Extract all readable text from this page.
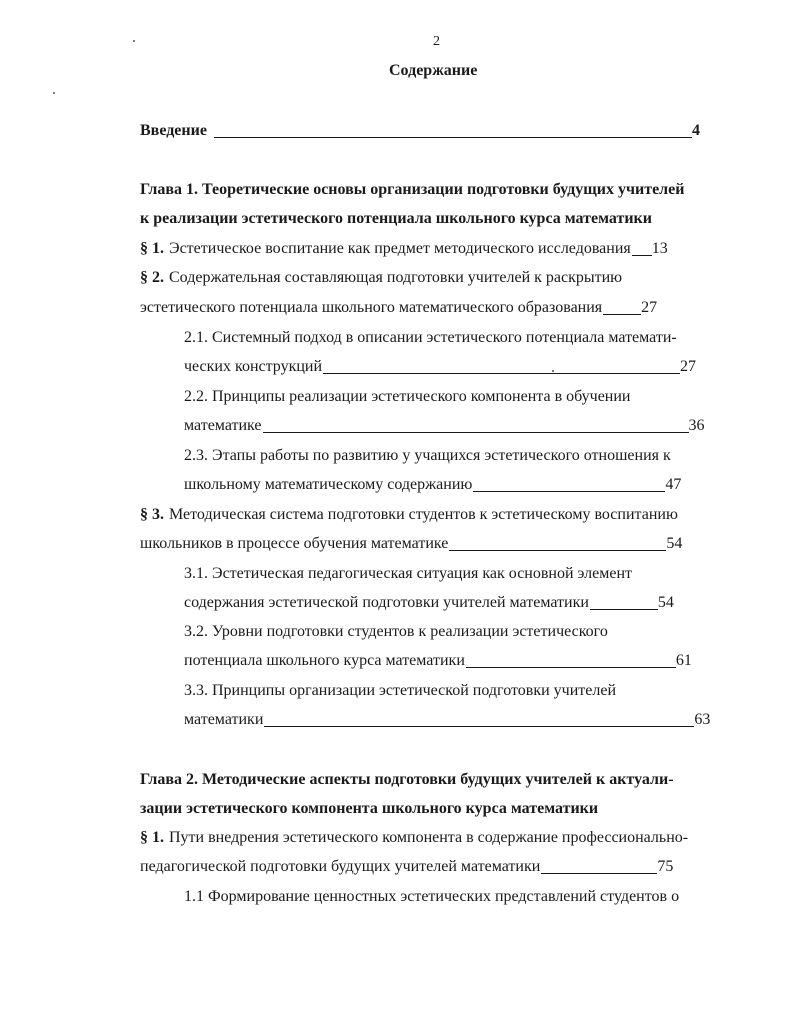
2
Содержание
Введение	4
Глава 1. Теоретические основы организации подготовки будущих учителей
к реализации эстетического потенциала школьного курса математики
§ 1. Эстетическое воспитание как предмет методического исследования 13
§ 2. Содержательная составляющая подготовки учителей к раскрытию
эстетического потенциала школьного математического образования 27
2.1. Системный подход в описании эстетического потенциала математи-
ческих конструкций	27
2.2. Принципы реализации эстетического компонента в обучении
математике	36
2.3. Этапы работы по развитию у учащихся эстетического отношения к
школьному математическому содержанию	47
§ 3. Методическая система подготовки студентов к эстетическому воспитанию
школьников в процессе обучения математике	54
3.1. Эстетическая педагогическая ситуация как основной элемент
содержания эстетической подготовки учителей математики	54
3.2. Уровни подготовки студентов к реализации эстетического
потенциала школьного курса математики	61
3.3. Принципы организации эстетической подготовки учителей
математики	63
Глава 2. Методические аспекты подготовки будущих учителей к актуали-
зации эстетического компонента школьного курса математики
§ 1. Пути внедрения эстетического компонента в содержание профессионально-
педагогической подготовки будущих учителей математики	75
1.1 Формирование ценностных эстетических представлений студентов о
